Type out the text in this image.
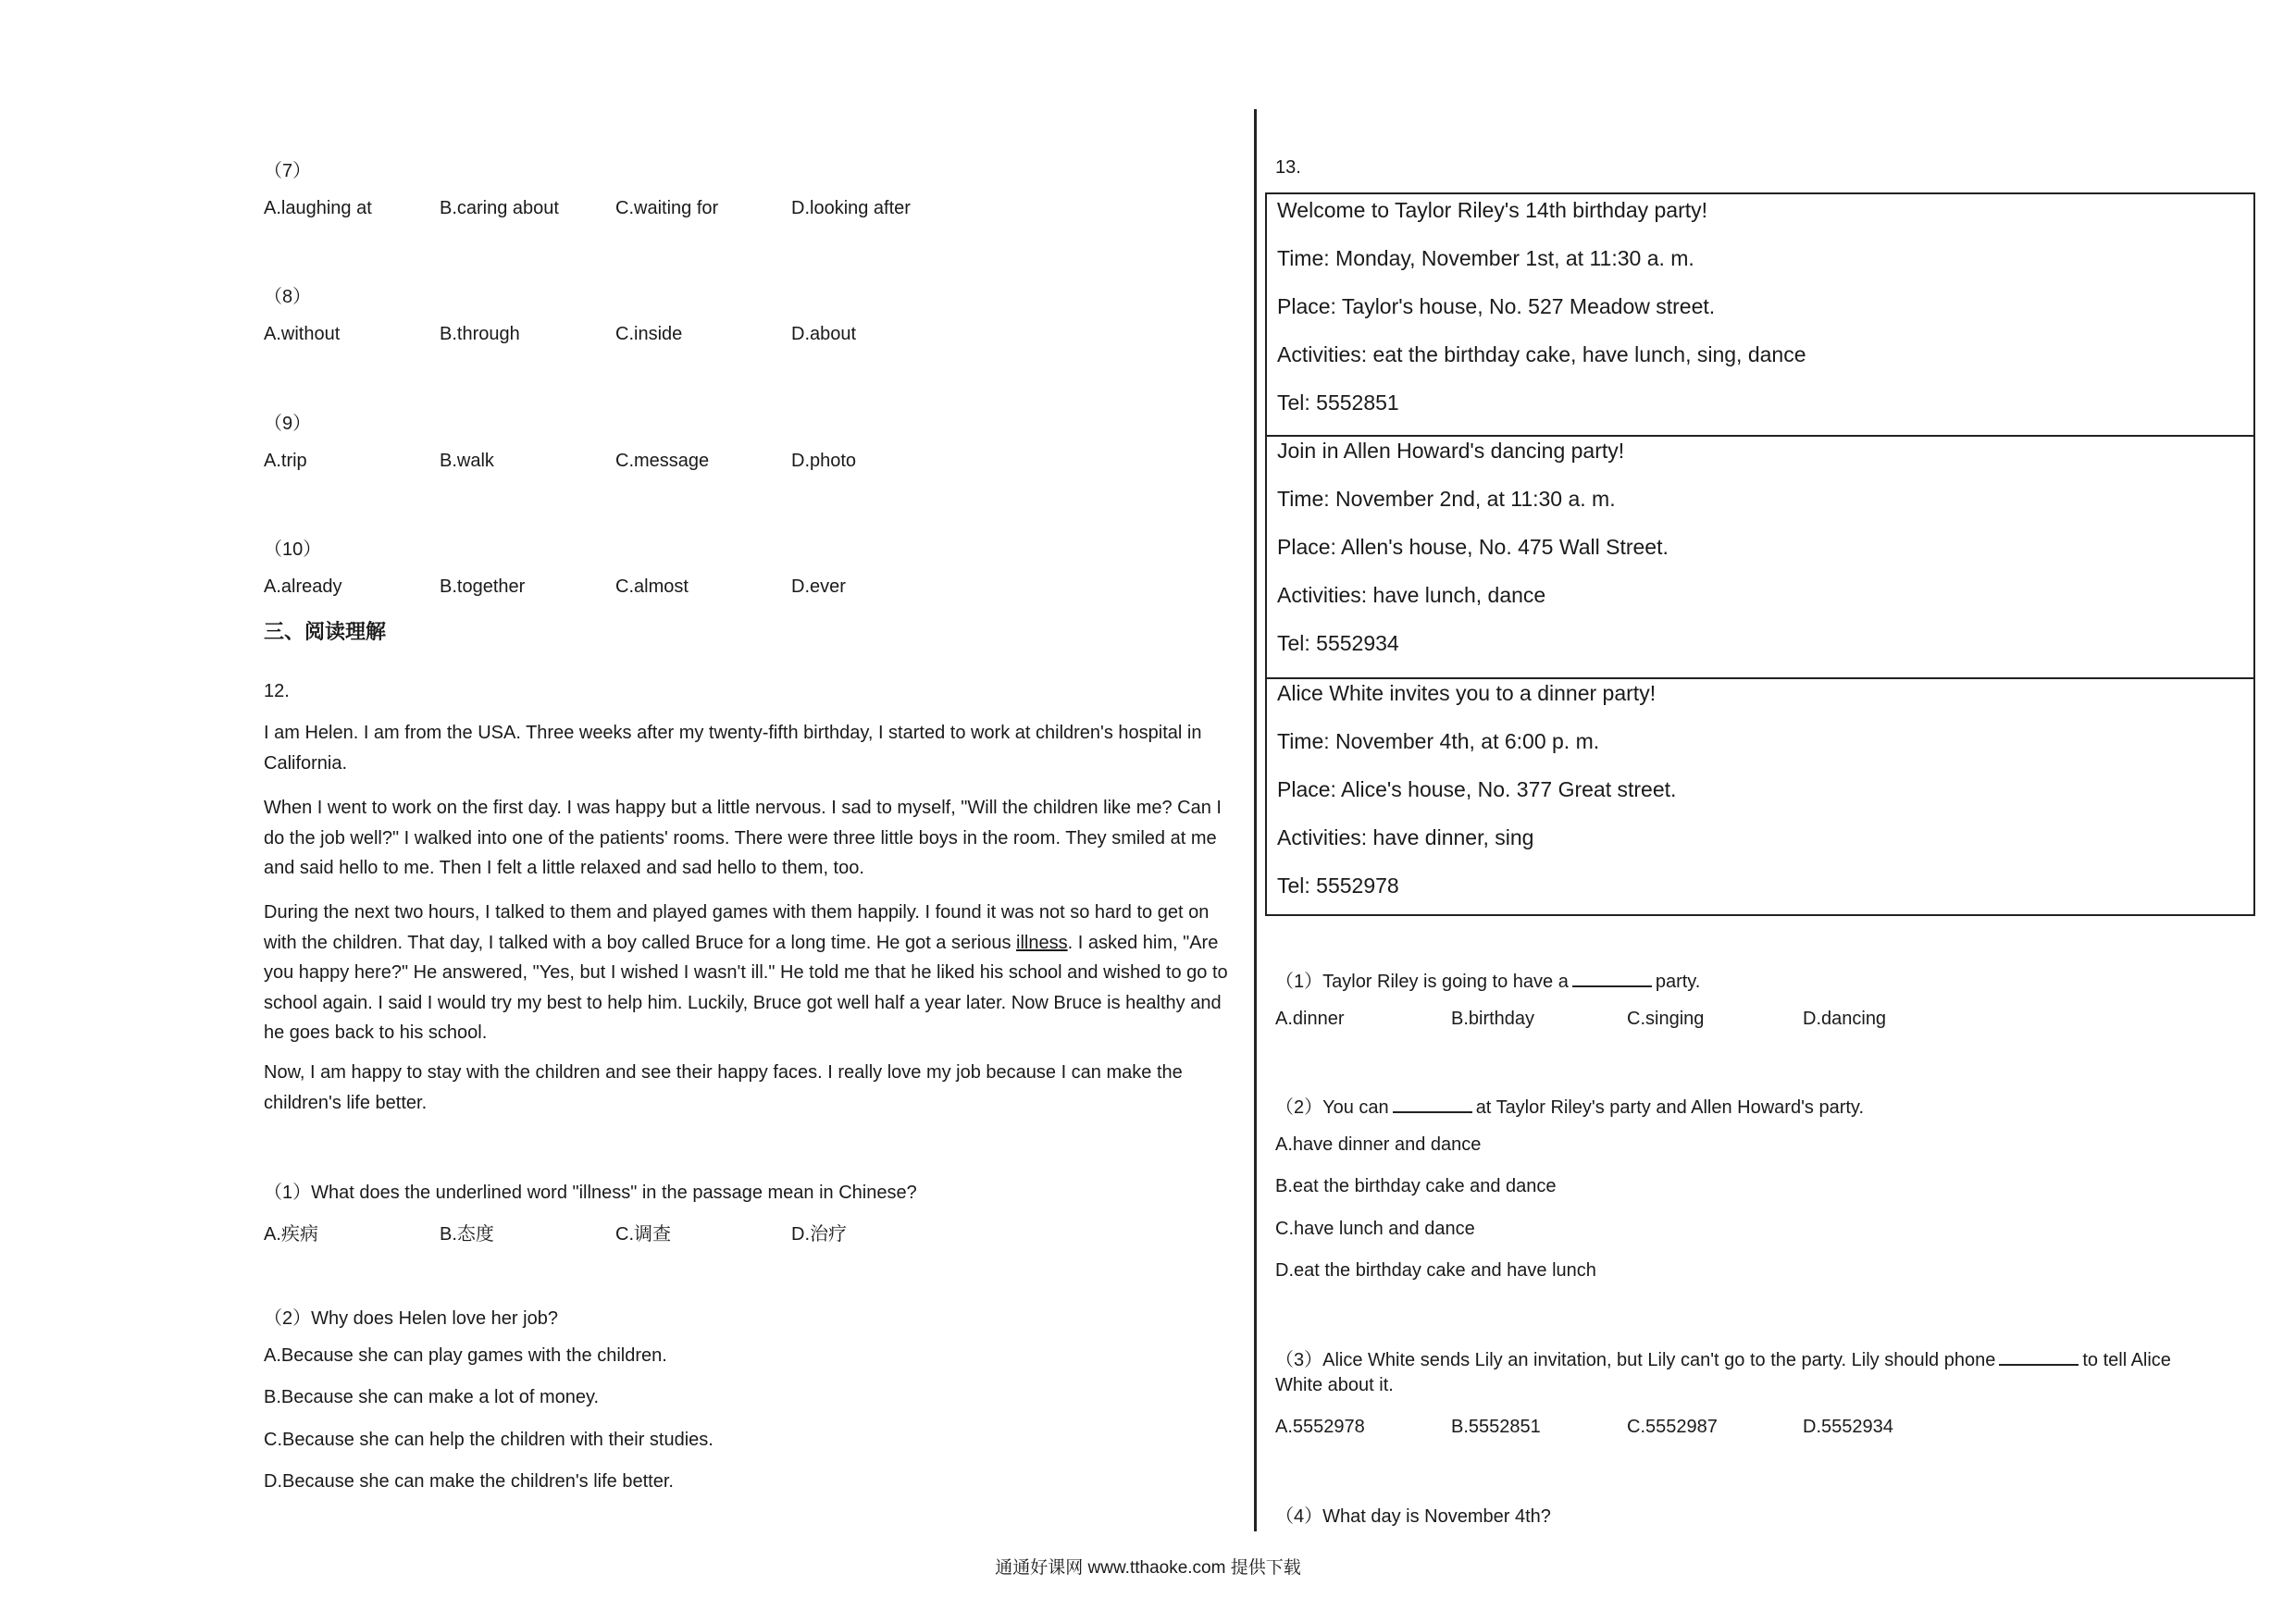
（7）
A.laughing at	B.caring about	C.waiting for	D.looking after
（8）
A.without	B.through	C.inside	D.about
（9）
A.trip	B.walk	C.message	D.photo
（10）
A.already	B.together	C.almost	D.ever
三、阅读理解
12.
I am Helen. I am from the USA. Three weeks after my twenty-fifth birthday, I started to work at children's hospital in California.
When I went to work on the first day. I was happy but a little nervous. I sad to myself, "Will the children like me? Can I do the job well?" I walked into one of the patients' rooms. There were three little boys in the room. They smiled at me and said hello to me. Then I felt a little relaxed and sad hello to them, too.
During the next two hours, I talked to them and played games with them happily. I found it was not so hard to get on with the children. That day, I talked with a boy called Bruce for a long time. He got a serious illness. I asked him, "Are you happy here?" He answered, "Yes, but I wished I wasn't ill." He told me that he liked his school and wished to go to school again. I said I would try my best to help him. Luckily, Bruce got well half a year later. Now Bruce is healthy and he goes back to his school.
Now, I am happy to stay with the children and see their happy faces. I really love my job because I can make the children's life better.
（1）What does the underlined word "illness" in the passage mean in Chinese?
A.疾病	B.态度	C.调查	D.治疗
（2）Why does Helen love her job?
A.Because she can play games with the children.
B.Because she can make a lot of money.
C.Because she can help the children with their studies.
D.Because she can make the children's life better.
13.
Welcome to Taylor Riley's 14th birthday party!
Time: Monday, November 1st, at 11:30 a. m.
Place: Taylor's house, No. 527 Meadow street.
Activities: eat the birthday cake, have lunch, sing, dance
Tel: 5552851
Join in Allen Howard's dancing party!
Time: November 2nd, at 11:30 a. m.
Place: Allen's house, No. 475 Wall Street.
Activities: have lunch, dance
Tel: 5552934
Alice White invites you to a dinner party!
Time: November 4th, at 6:00 p. m.
Place: Alice's house, No. 377 Great street.
Activities: have dinner, sing
Tel: 5552978
（1）Taylor Riley is going to have a	party.
A.dinner	B.birthday	C.singing	D.dancing
（2）You can	at Taylor Riley's party and Allen Howard's party.
A.have dinner and dance
B.eat the birthday cake and dance
C.have lunch and dance
D.eat the birthday cake and have lunch
（3）Alice White sends Lily an invitation, but Lily can't go to the party. Lily should phone	to tell Alice
White about it.
A.5552978	B.5552851	C.5552987	D.5552934
（4）What day is November 4th?
通通好课网 www.tthaoke.com 提供下载
